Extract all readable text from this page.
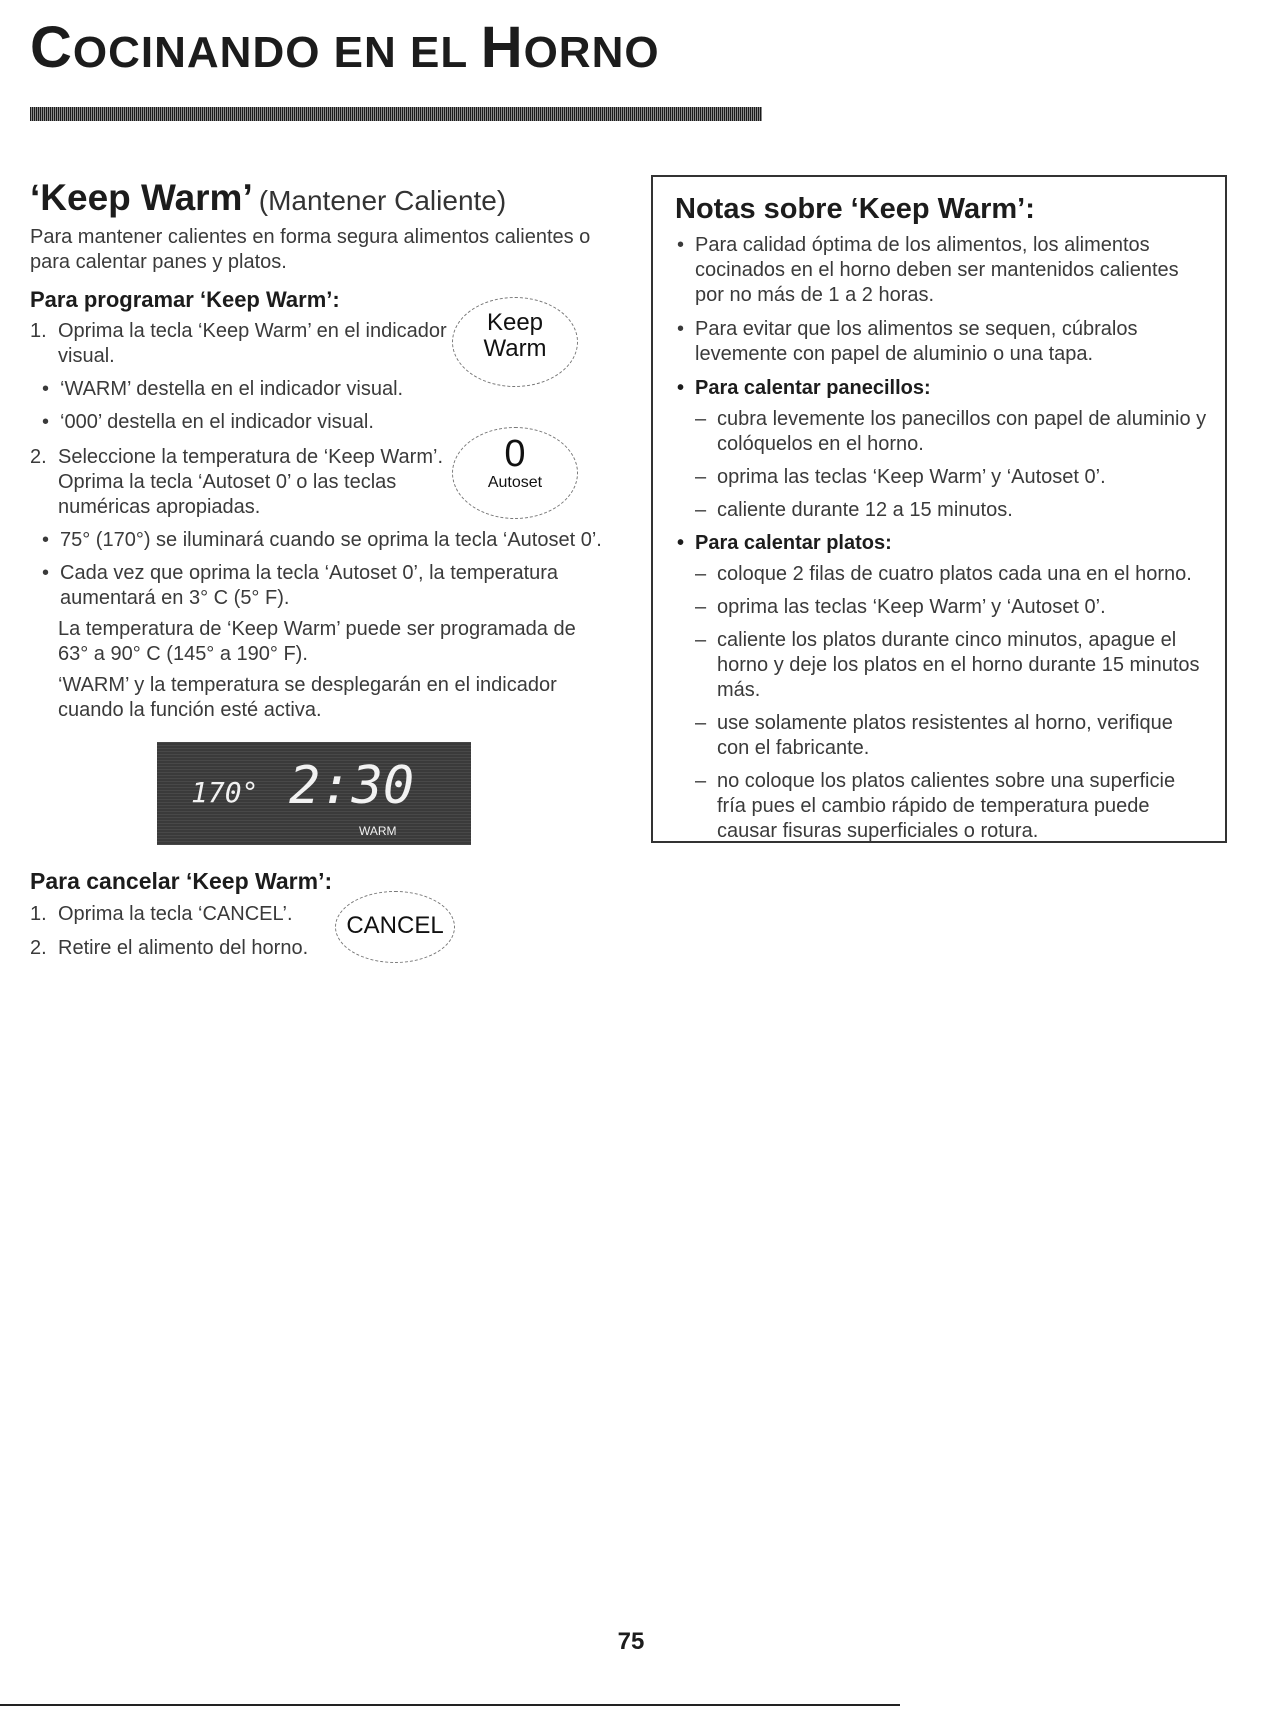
COCINANDO EN EL HORNO
‘Keep Warm’ (Mantener Caliente)

Para mantener calientes en forma segura alimentos calientes o para calentar panes y platos.

Para programar ‘Keep Warm’:
1. Oprima la tecla ‘Keep Warm’ en el indicador visual.
• ‘WARM’ destella en el indicador visual.
• ‘000’ destella en el indicador visual.
2. Seleccione la temperatura de ‘Keep Warm’. Oprima la tecla ‘Autoset 0’ o las teclas numéricas apropiadas.
• 75° (170°) se iluminará cuando se oprima la tecla ‘Autoset 0’.
• Cada vez que oprima la tecla ‘Autoset 0’, la temperatura aumentará en 3° C (5° F).

La temperatura de ‘Keep Warm’ puede ser programada de 63° a 90° C (145° a 190° F).

‘WARM’ y la temperatura se desplegarán en el indicador cuando la función esté activa.

Keep
Warm
0
Autoset
170° 2:30
WARM
Para cancelar ‘Keep Warm’:
1. Oprima la tecla ‘CANCEL’.
2. Retire el alimento del horno.
CANCEL
Notas sobre ‘Keep Warm’:
• Para calidad óptima de los alimentos, los alimentos cocinados en el horno deben ser mantenidos calientes por no más de 1 a 2 horas.
• Para evitar que los alimentos se sequen, cúbralos levemente con papel de aluminio o una tapa.
• Para calentar panecillos:
– cubra levemente los panecillos con papel de aluminio y colóquelos en el horno.
– oprima las teclas ‘Keep Warm’ y ‘Autoset 0’.
– caliente durante 12 a 15 minutos.
• Para calentar platos:
– coloque 2 filas de cuatro platos cada una en el horno.
– oprima las teclas ‘Keep Warm’ y ‘Autoset 0’.
– caliente los platos durante cinco minutos, apague el horno y deje los platos en el horno durante 15 minutos más.
– use solamente platos resistentes al horno, verifique con el fabricante.
– no coloque los platos calientes sobre una superficie fría pues el cambio rápido de temperatura puede causar fisuras superficiales o rotura.
75
